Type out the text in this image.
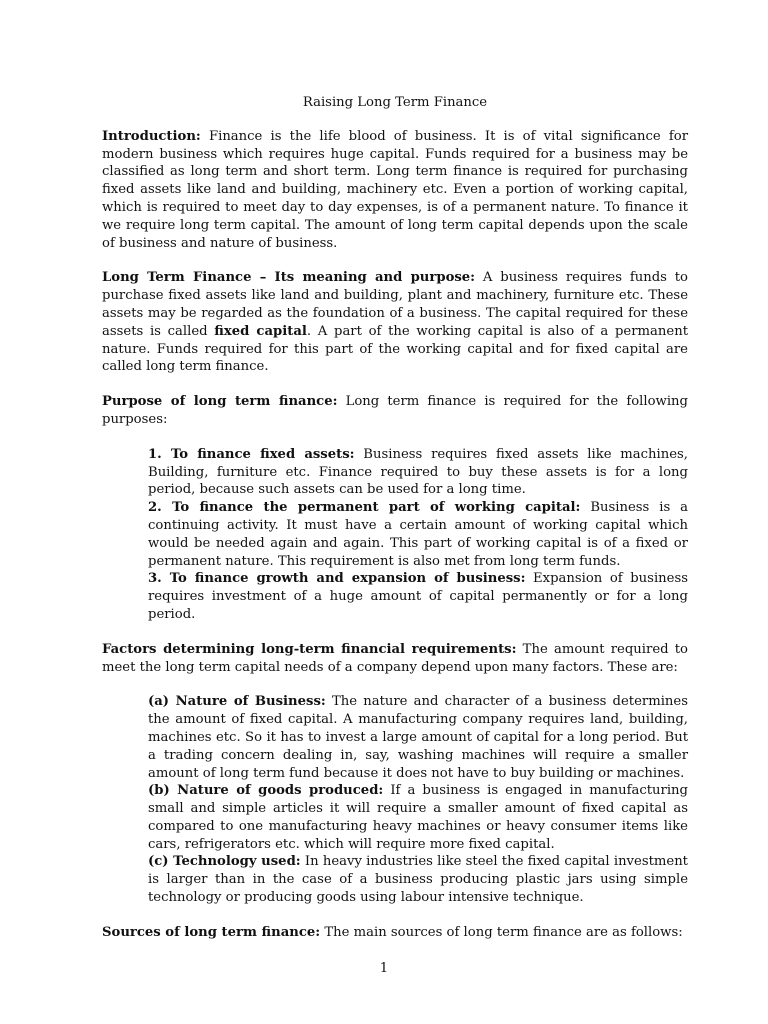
Raising Long Term Finance

Introduction: Finance is the life blood of business. It is of vital significance for modern business which requires huge capital. Funds required for a business may be classified as long term and short term. Long term finance is required for purchasing fixed assets like land and building, machinery etc. Even a portion of working capital, which is required to meet day to day expenses, is of a permanent nature. To finance it we require long term capital. The amount of long term capital depends upon the scale of business and nature of business.

Long Term Finance – Its meaning and purpose: A business requires funds to purchase fixed assets like land and building, plant and machinery, furniture etc. These assets may be regarded as the foundation of a business. The capital required for these assets is called fixed capital. A part of the working capital is also of a permanent nature. Funds required for this part of the working capital and for fixed capital are called long term finance.

Purpose of long term finance: Long term finance is required for the following purposes:

1. To finance fixed assets: Business requires fixed assets like machines, Building, furniture etc. Finance required to buy these assets is for a long period, because such assets can be used for a long time.
2. To finance the permanent part of working capital: Business is a continuing activity. It must have a certain amount of working capital which would be needed again and again. This part of working capital is of a fixed or permanent nature. This requirement is also met from long term funds.
3. To finance growth and expansion of business: Expansion of business requires investment of a huge amount of capital permanently or for a long period.

Factors determining long-term financial requirements: The amount required to meet the long term capital needs of a company depend upon many factors. These are:

(a) Nature of Business: The nature and character of a business determines the amount of fixed capital. A manufacturing company requires land, building, machines etc. So it has to invest a large amount of capital for a long period. But a trading concern dealing in, say, washing machines will require a smaller amount of long term fund because it does not have to buy building or machines.
(b) Nature of goods produced: If a business is engaged in manufacturing small and simple articles it will require a smaller amount of fixed capital as compared to one manufacturing heavy machines or heavy consumer items like cars, refrigerators etc. which will require more fixed capital.
(c) Technology used: In heavy industries like steel the fixed capital investment is larger than in the case of a business producing plastic jars using simple technology or producing goods using labour intensive technique.

Sources of long term finance: The main sources of long term finance are as follows:

1
